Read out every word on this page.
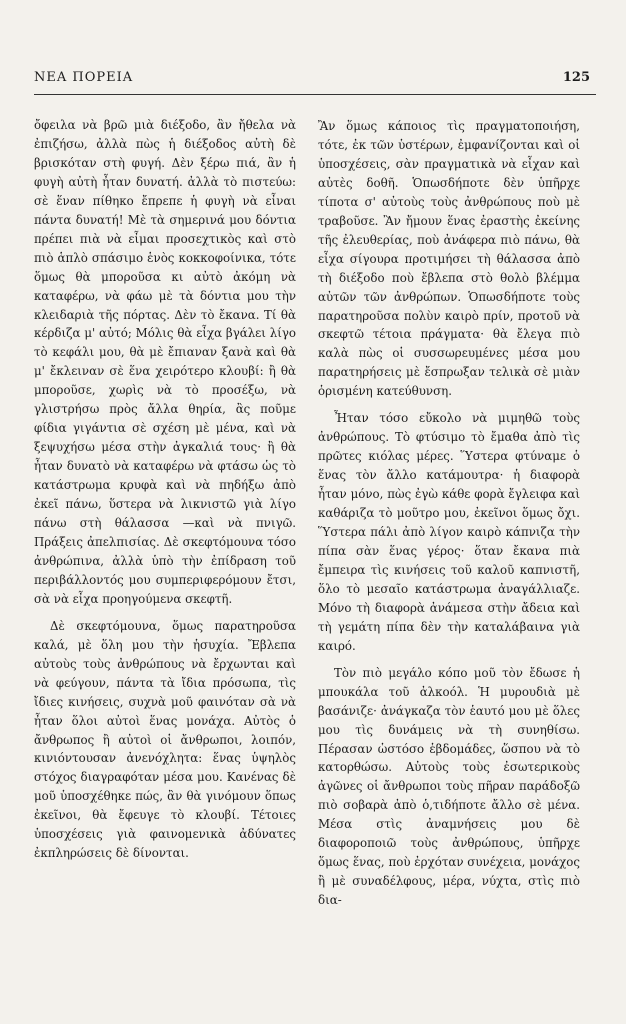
ΝΕΑ ΠΟΡΕΙΑ	125

ὄφειλα νὰ βρῶ μιὰ διέξοδο, ἂν ἤθελα νὰ ἐπιζήσω, ἀλλὰ πὼς ἡ διέξοδος αὐτὴ δὲ βρισκόταν στὴ φυγή. Δὲν ξέρω πιά, ἂν ἡ φυγὴ αὐτὴ ἦταν δυνατή. ἀλλὰ τὸ πιστεύω: σὲ ἕναν πίθηκο ἔπρεπε ἡ φυγὴ νὰ εἶναι πάντα δυνατή! Μὲ τὰ σημερινά μου δόντια πρέπει πιὰ νὰ εἶμαι προσεχτικὸς καὶ στὸ πιὸ ἁπλὸ σπάσιμο ἑνὸς κοκκοφοίνικα, τότε ὅμως θὰ μποροῦσα κι αὐτὸ ἀκόμη νὰ καταφέρω, νὰ φάω μὲ τὰ δόντια μου τὴν κλειδαριὰ τῆς πόρτας. Δὲν τὸ ἔκανα. Τί θὰ κέρδιζα μ' αὐτό; Μόλις θὰ εἶχα βγάλει λίγο τὸ κεφάλι μου, θὰ μὲ ἔπιαναν ξανὰ καὶ θὰ μ' ἔκλειναν σὲ ἕνα χειρότερο κλουβί: ἢ θὰ μποροῦσε, χωρὶς νὰ τὸ προσέξω, νὰ γλιστρήσω πρὸς ἄλλα θηρία, ἂς ποῦμε φίδια γιγάντια σὲ σχέση μὲ μένα, καὶ νὰ ξεψυχήσω μέσα στὴν ἀγκαλιά τους· ἢ θὰ ἦταν δυνατὸ νὰ καταφέρω νὰ φτάσω ὡς τὸ κατάστρωμα κρυφὰ καὶ νὰ πηδήξω ἀπὸ ἐκεῖ πάνω, ὕστερα νὰ λικνιστῶ γιὰ λίγο πάνω στὴ θάλασσα —καὶ νὰ πνιγῶ. Πράξεις ἀπελπισίας. Δὲ σκεφτόμουνα τόσο ἀνθρώπινα, ἀλλὰ ὑπὸ τὴν ἐπίδραση τοῦ περιβάλλοντός μου συμπεριφερόμουν ἔτσι, σὰ νὰ εἶχα προηγούμενα σκεφτῆ.

Δὲ σκεφτόμουνα, ὅμως παρατηροῦσα καλά, μὲ ὅλη μου τὴν ἡσυχία. Ἔβλεπα αὐτοὺς τοὺς ἀνθρώπους νὰ ἔρχωνται καὶ νὰ φεύγουν, πάντα τὰ ἴδια πρόσωπα, τὶς ἴδιες κινήσεις, συχνὰ μοῦ φαινόταν σὰ νὰ ἦταν ὅλοι αὐτοὶ ἕνας μονάχα. Αὐτὸς ὁ ἄνθρωπος ἢ αὐτοὶ οἱ ἄνθρωποι, λοιπόν, κινιόντουσαν ἀνενόχλητα: ἕνας ὑψηλὸς στόχος διαγραφόταν μέσα μου. Κανένας δὲ μοῦ ὑποσχέθηκε πώς, ἂν θὰ γινόμουν ὅπως ἐκεῖνοι, θὰ ἔφευγε τὸ κλουβί. Τέτοιες ὑποσχέσεις γιὰ φαινομενικὰ ἀδύνατες ἐκπληρώσεις δὲ δίνονται.

Ἂν ὅμως κάποιος τὶς πραγματοποιήση, τότε, ἐκ τῶν ὑστέρων, ἐμφανίζονται καὶ οἱ ὑποσχέσεις, σὰν πραγματικὰ νὰ εἶχαν καὶ αὐτὲς δοθῆ. Ὁπωσδήποτε δὲν ὑπῆρχε τίποτα σ' αὐτοὺς τοὺς ἀνθρώπους ποὺ μὲ τραβοῦσε. Ἂν ἤμουν ἕνας ἐραστὴς ἐκείνης τῆς ἐλευθερίας, ποὺ ἀνάφερα πιὸ πάνω, θὰ εἶχα σίγουρα προτιμήσει τὴ θάλασσα ἀπὸ τὴ διέξοδο ποὺ ἔβλεπα στὸ θολὸ βλέμμα αὐτῶν τῶν ἀνθρώπων. Ὁπωσδήποτε τοὺς παρατηροῦσα πολὺν καιρὸ πρίν, προτοῦ νὰ σκεφτῶ τέτοια πράγματα· θὰ ἔλεγα πιὸ καλὰ πὼς οἱ συσσωρευμένες μέσα μου παρατηρήσεις μὲ ἔσπρωξαν τελικὰ σὲ μιὰν ὁρισμένη κατεύθυνση.

Ἦταν τόσο εὔκολο νὰ μιμηθῶ τοὺς ἀνθρώπους. Τὸ φτύσιμο τὸ ἔμαθα ἀπὸ τὶς πρῶτες κιόλας μέρες. Ὕστερα φτύναμε ὁ ἕνας τὸν ἄλλο κατάμουτρα· ἡ διαφορὰ ἦταν μόνο, πὼς ἐγὼ κάθε φορὰ ἔγλειφα καὶ καθάριζα τὸ μοῦτρο μου, ἐκεῖνοι ὅμως ὄχι. Ὕστερα πάλι ἀπὸ λίγον καιρὸ κάπνιζα τὴν πίπα σὰν ἕνας γέρος· ὅταν ἔκανα πιὰ ἔμπειρα τὶς κινήσεις τοῦ καλοῦ καπνιστῆ, ὅλο τὸ μεσαῖο κατάστρωμα ἀναγάλλιαζε. Μόνο τὴ διαφορὰ ἀνάμεσα στὴν ἄδεια καὶ τὴ γεμάτη πίπα δὲν τὴν καταλάβαινα γιὰ καιρό.

Τὸν πιὸ μεγάλο κόπο μοῦ τὸν ἔδωσε ἡ μπουκάλα τοῦ ἀλκοόλ. Ἡ μυρουδιὰ μὲ βασάνιζε· ἀνάγκαζα τὸν ἑαυτό μου μὲ ὅλες μου τὶς δυνάμεις νὰ τὴ συνηθίσω. Πέρασαν ὡστόσο ἑβδομάδες, ὥσπου νὰ τὸ κατορθώσω. Αὐτοὺς τοὺς ἐσωτερικοὺς ἀγῶνες οἱ ἄνθρωποι τοὺς πῆραν παράδοξῶ πιὸ σοβαρὰ ἀπὸ ὁ,τιδήποτε ἄλλο σὲ μένα. Μέσα στὶς ἀναμνήσεις μου δὲ διαφοροποιῶ τοὺς ἀνθρώπους, ὑπῆρχε ὅμως ἕνας, ποὺ ἐρχόταν συνέχεια, μονάχος ἢ μὲ συναδέλφους, μέρα, νύχτα, στὶς πιὸ δια-
